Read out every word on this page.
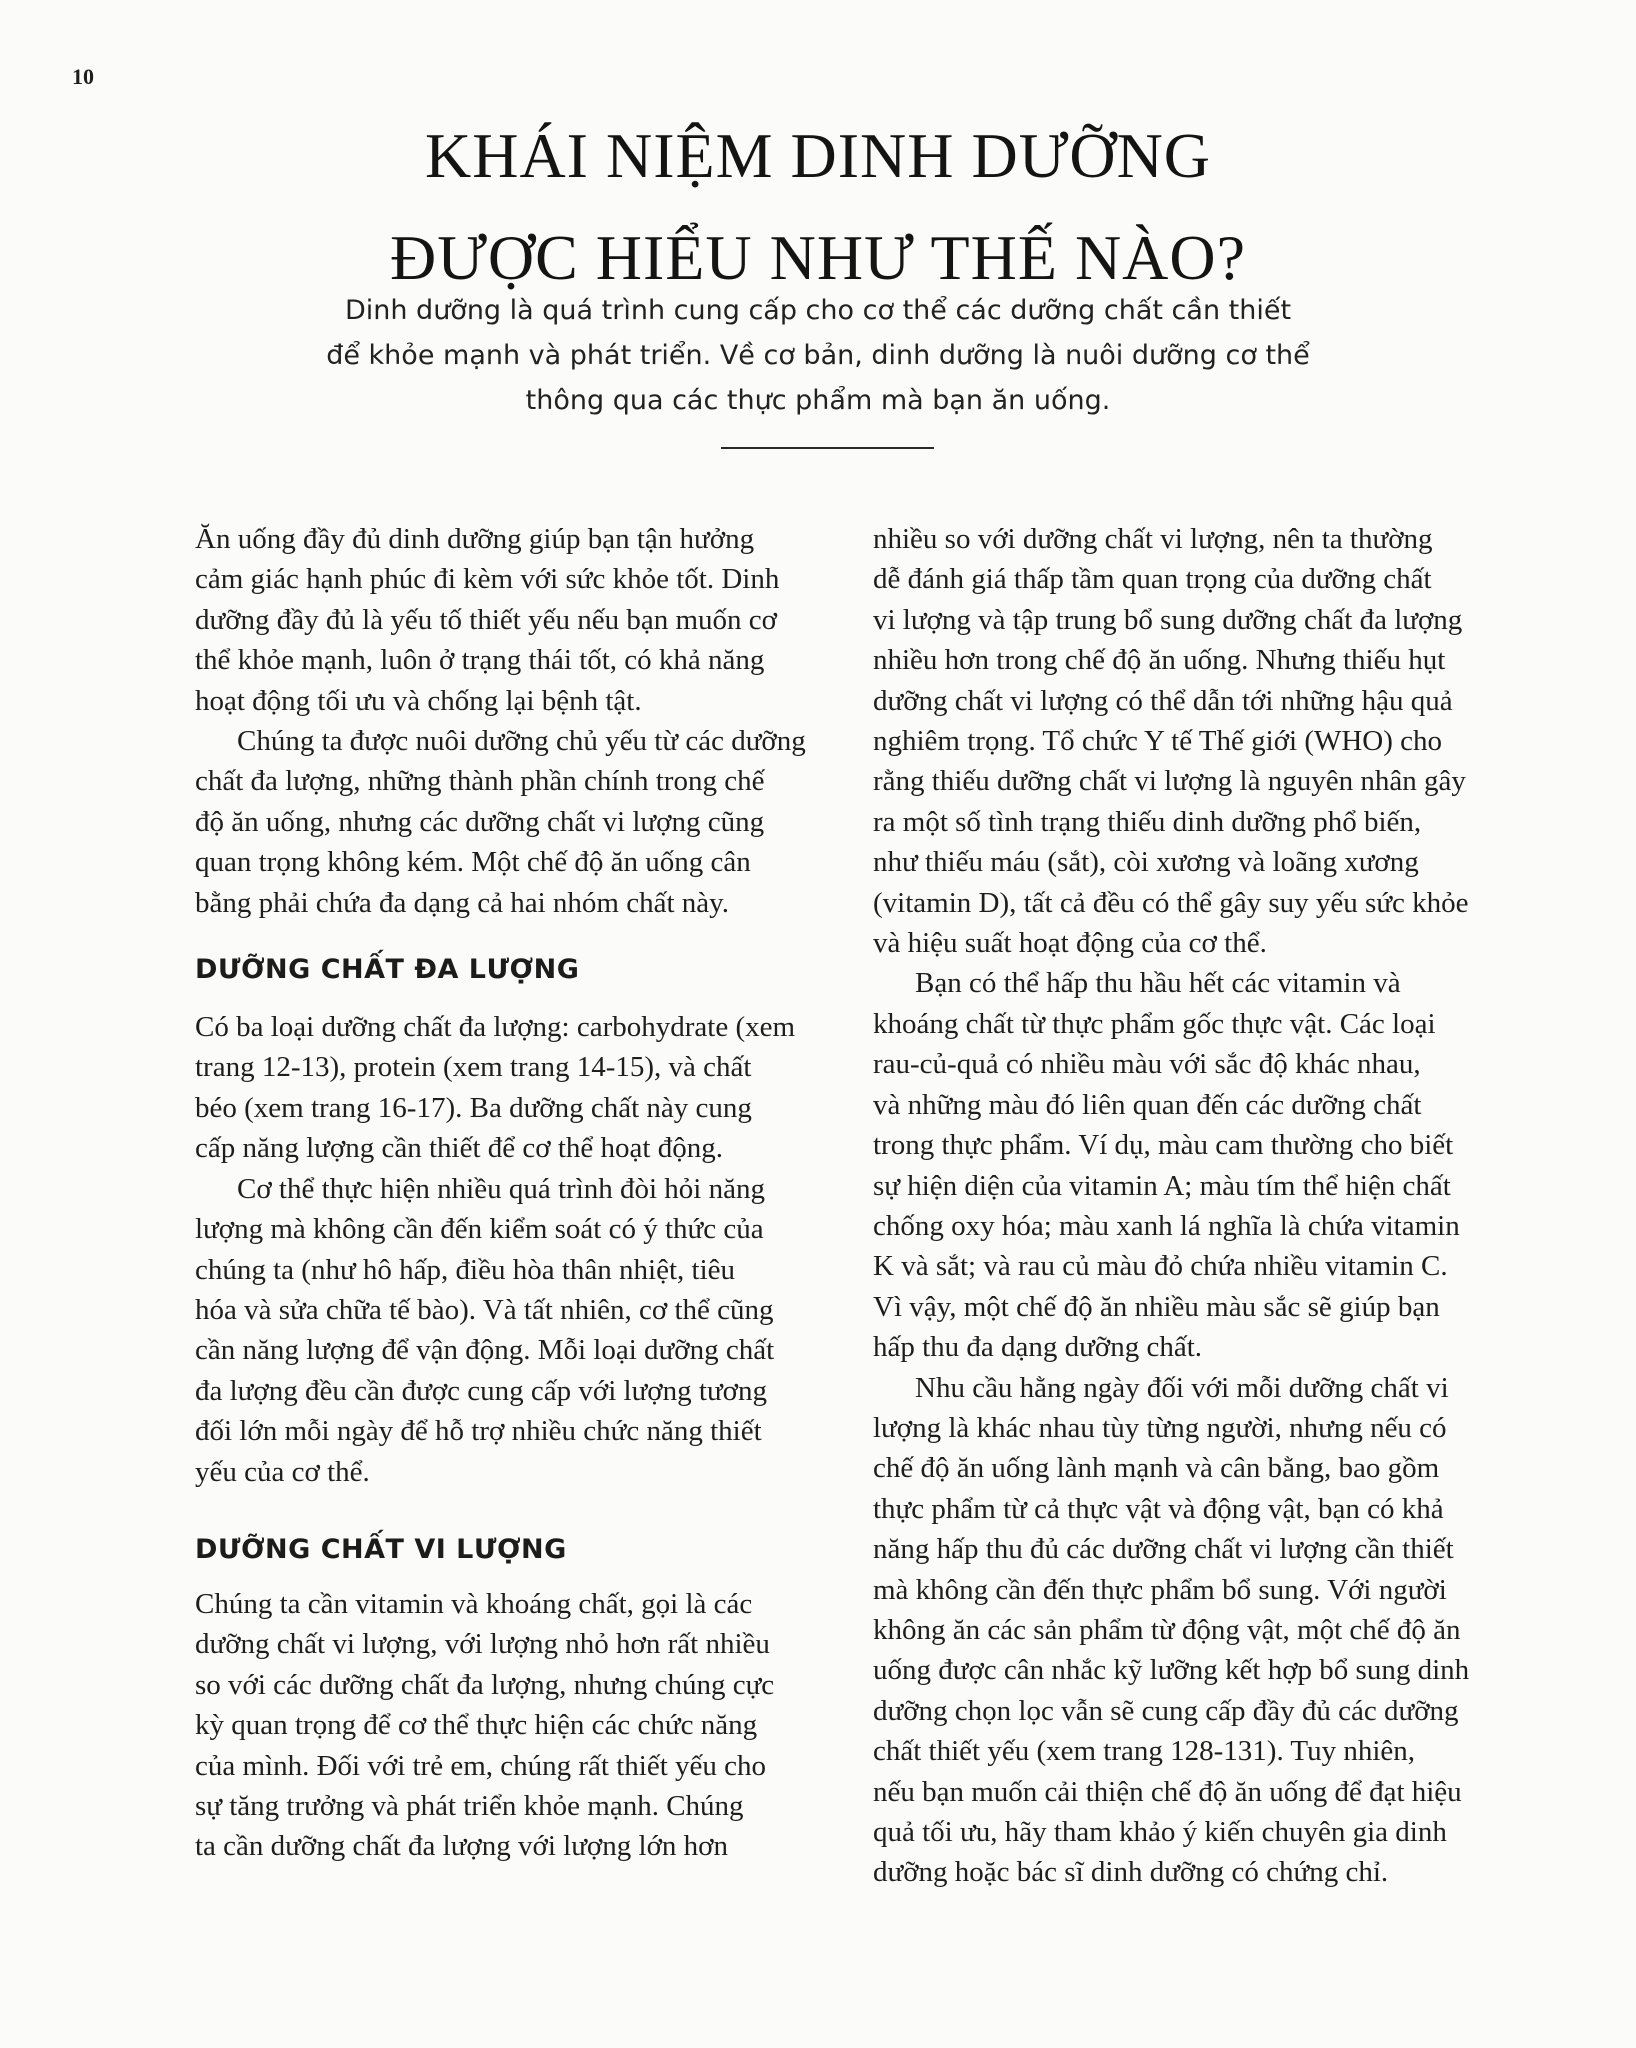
10
KHÁI NIỆM DINH DƯỠNG
ĐƯỢC HIỂU NHƯ THẾ NÀO?
Dinh dưỡng là quá trình cung cấp cho cơ thể các dưỡng chất cần thiết
để khỏe mạnh và phát triển. Về cơ bản, dinh dưỡng là nuôi dưỡng cơ thể
thông qua các thực phẩm mà bạn ăn uống.

Ăn uống đầy đủ dinh dưỡng giúp bạn tận hưởng
cảm giác hạnh phúc đi kèm với sức khỏe tốt. Dinh
dưỡng đầy đủ là yếu tố thiết yếu nếu bạn muốn cơ
thể khỏe mạnh, luôn ở trạng thái tốt, có khả năng
hoạt động tối ưu và chống lại bệnh tật.

Chúng ta được nuôi dưỡng chủ yếu từ các dưỡng
chất đa lượng, những thành phần chính trong chế
độ ăn uống, nhưng các dưỡng chất vi lượng cũng
quan trọng không kém. Một chế độ ăn uống cân
bằng phải chứa đa dạng cả hai nhóm chất này.

DƯỠNG CHẤT ĐA LƯỢNG

Có ba loại dưỡng chất đa lượng: carbohydrate (xem
trang 12-13), protein (xem trang 14-15), và chất
béo (xem trang 16-17). Ba dưỡng chất này cung
cấp năng lượng cần thiết để cơ thể hoạt động.

Cơ thể thực hiện nhiều quá trình đòi hỏi năng
lượng mà không cần đến kiểm soát có ý thức của
chúng ta (như hô hấp, điều hòa thân nhiệt, tiêu
hóa và sửa chữa tế bào). Và tất nhiên, cơ thể cũng
cần năng lượng để vận động. Mỗi loại dưỡng chất
đa lượng đều cần được cung cấp với lượng tương
đối lớn mỗi ngày để hỗ trợ nhiều chức năng thiết
yếu của cơ thể.

DƯỠNG CHẤT VI LƯỢNG

Chúng ta cần vitamin và khoáng chất, gọi là các
dưỡng chất vi lượng, với lượng nhỏ hơn rất nhiều
so với các dưỡng chất đa lượng, nhưng chúng cực
kỳ quan trọng để cơ thể thực hiện các chức năng
của mình. Đối với trẻ em, chúng rất thiết yếu cho
sự tăng trưởng và phát triển khỏe mạnh. Chúng
ta cần dưỡng chất đa lượng với lượng lớn hơn

nhiều so với dưỡng chất vi lượng, nên ta thường
dễ đánh giá thấp tầm quan trọng của dưỡng chất
vi lượng và tập trung bổ sung dưỡng chất đa lượng
nhiều hơn trong chế độ ăn uống. Nhưng thiếu hụt
dưỡng chất vi lượng có thể dẫn tới những hậu quả
nghiêm trọng. Tổ chức Y tế Thế giới (WHO) cho
rằng thiếu dưỡng chất vi lượng là nguyên nhân gây
ra một số tình trạng thiếu dinh dưỡng phổ biến,
như thiếu máu (sắt), còi xương và loãng xương
(vitamin D), tất cả đều có thể gây suy yếu sức khỏe
và hiệu suất hoạt động của cơ thể.

Bạn có thể hấp thu hầu hết các vitamin và
khoáng chất từ thực phẩm gốc thực vật. Các loại
rau-củ-quả có nhiều màu với sắc độ khác nhau,
và những màu đó liên quan đến các dưỡng chất
trong thực phẩm. Ví dụ, màu cam thường cho biết
sự hiện diện của vitamin A; màu tím thể hiện chất
chống oxy hóa; màu xanh lá nghĩa là chứa vitamin
K và sắt; và rau củ màu đỏ chứa nhiều vitamin C.
Vì vậy, một chế độ ăn nhiều màu sắc sẽ giúp bạn
hấp thu đa dạng dưỡng chất.

Nhu cầu hằng ngày đối với mỗi dưỡng chất vi
lượng là khác nhau tùy từng người, nhưng nếu có
chế độ ăn uống lành mạnh và cân bằng, bao gồm
thực phẩm từ cả thực vật và động vật, bạn có khả
năng hấp thu đủ các dưỡng chất vi lượng cần thiết
mà không cần đến thực phẩm bổ sung. Với người
không ăn các sản phẩm từ động vật, một chế độ ăn
uống được cân nhắc kỹ lưỡng kết hợp bổ sung dinh
dưỡng chọn lọc vẫn sẽ cung cấp đầy đủ các dưỡng
chất thiết yếu (xem trang 128-131). Tuy nhiên,
nếu bạn muốn cải thiện chế độ ăn uống để đạt hiệu
quả tối ưu, hãy tham khảo ý kiến chuyên gia dinh
dưỡng hoặc bác sĩ dinh dưỡng có chứng chỉ.
